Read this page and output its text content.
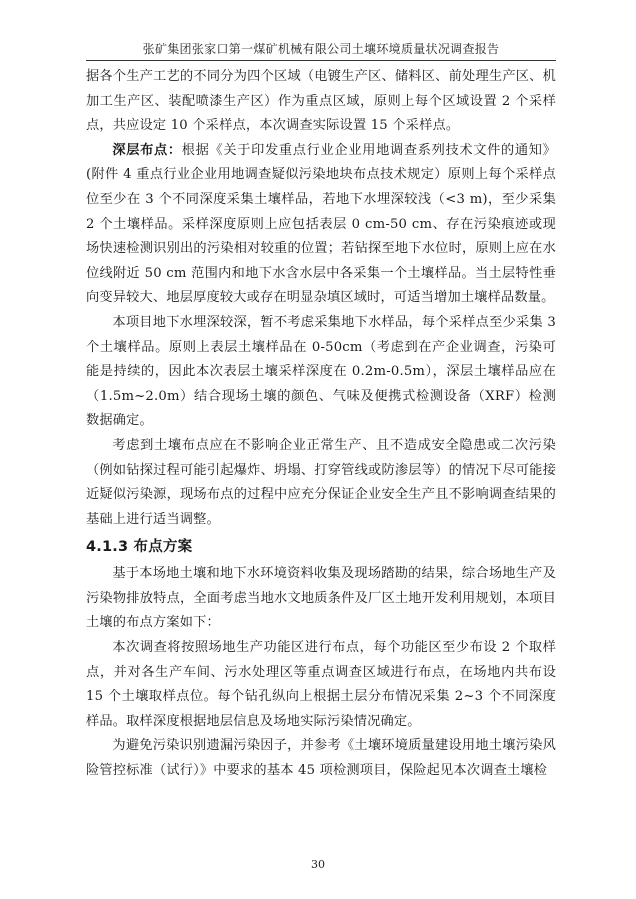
张矿集团张家口第一煤矿机械有限公司土壤环境质量状况调查报告

据各个生产工艺的不同分为四个区域（电镀生产区、储料区、前处理生产区、机加工生产区、装配喷漆生产区）作为重点区域，原则上每个区域设置 2 个采样点，共应设定 10 个采样点，本次调查实际设置 15 个采样点。

深层布点：根据《关于印发重点行业企业用地调查系列技术文件的通知》(附件 4 重点行业企业用地调查疑似污染地块布点技术规定）原则上每个采样点位至少在 3 个不同深度采集土壤样品，若地下水埋深较浅（<3 m)，至少采集 2 个土壤样品。采样深度原则上应包括表层 0 cm-50 cm、存在污染痕迹或现场快速检测识别出的污染相对较重的位置；若钻探至地下水位时，原则上应在水位线附近 50 cm 范围内和地下水含水层中各采集一个土壤样品。当土层特性垂向变异较大、地层厚度较大或存在明显杂填区域时，可适当增加土壤样品数量。

本项目地下水埋深较深，暂不考虑采集地下水样品，每个采样点至少采集 3 个土壤样品。原则上表层土壤样品在 0-50cm（考虑到在产企业调查，污染可能是持续的，因此本次表层土壤采样深度在 0.2m-0.5m），深层土壤样品应在（1.5m~2.0m）结合现场土壤的颜色、气味及便携式检测设备（XRF）检测数据确定。

考虑到土壤布点应在不影响企业正常生产、且不造成安全隐患或二次污染（例如钻探过程可能引起爆炸、坍塌、打穿管线或防渗层等）的情况下尽可能接近疑似污染源，现场布点的过程中应充分保证企业安全生产且不影响调查结果的基础上进行适当调整。

4.1.3 布点方案

基于本场地土壤和地下水环境资料收集及现场踏勘的结果，综合场地生产及污染物排放特点，全面考虑当地水文地质条件及厂区土地开发利用规划，本项目土壤的布点方案如下：

本次调查将按照场地生产功能区进行布点，每个功能区至少布设 2 个取样点，并对各生产车间、污水处理区等重点调查区域进行布点，在场地内共布设 15 个土壤取样点位。每个钻孔纵向上根据土层分布情况采集 2~3 个不同深度样品。取样深度根据地层信息及场地实际污染情况确定。

为避免污染识别遗漏污染因子，并参考《土壤环境质量建设用地土壤污染风险管控标准（试行）》中要求的基本 45 项检测项目，保险起见本次调查土壤检

30
